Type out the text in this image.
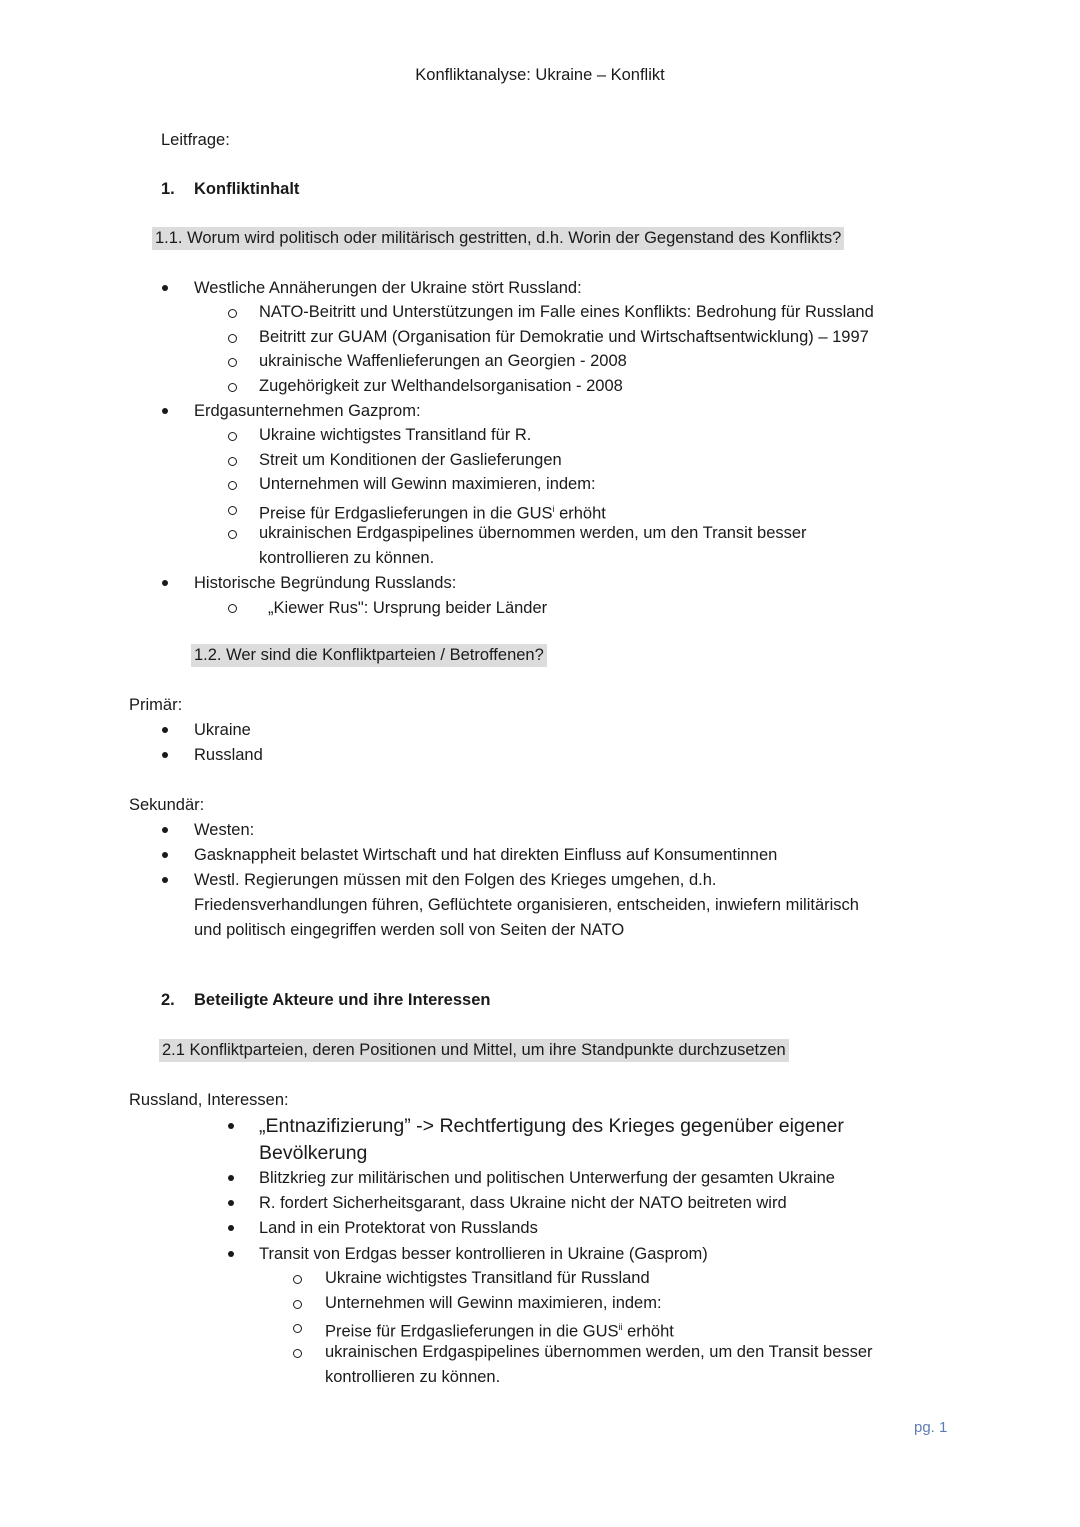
Konfliktanalyse: Ukraine – Konflikt
Leitfrage:
1. Konfliktinhalt
1.1. Worum wird politisch oder militärisch gestritten, d.h. Worin der Gegenstand des Konflikts?
Westliche Annäherungen der Ukraine stört Russland:
NATO-Beitritt und Unterstützungen im Falle eines Konflikts: Bedrohung für Russland
Beitritt zur GUAM (Organisation für Demokratie und Wirtschaftsentwicklung) – 1997
ukrainische Waffenlieferungen an Georgien - 2008
Zugehörigkeit zur Welthandelsorganisation - 2008
Erdgasunternehmen Gazprom:
Ukraine wichtigstes Transitland für R.
Streit um Konditionen der Gaslieferungen
Unternehmen will Gewinn maximieren, indem:
Preise für Erdgaslieferungen in die GUS$^i$ erhöht
ukrainischen Erdgaspipelines übernommen werden, um den Transit besser
kontrollieren zu können.
Historische Begründung Russlands:
„Kiewer Rus": Ursprung beider Länder
1.2. Wer sind die Konfliktparteien / Betroffenen?
Primär:
Ukraine
Russland
Sekundär:
Westen:
Gasknappheit belastet Wirtschaft und hat direkten Einfluss auf Konsumentinnen
Westl. Regierungen müssen mit den Folgen des Krieges umgehen, d.h.
Friedensverhandlungen führen, Geflüchtete organisieren, entscheiden, inwiefern militärisch
und politisch eingegriffen werden soll von Seiten der NATO
2. Beteiligte Akteure und ihre Interessen
2.1 Konfliktparteien, deren Positionen und Mittel, um ihre Standpunkte durchzusetzen
Russland, Interessen:
„Entnazifizierung” -> Rechtfertigung des Krieges gegenüber eigener
Bevölkerung
Blitzkrieg zur militärischen und politischen Unterwerfung der gesamten Ukraine
R. fordert Sicherheitsgarant, dass Ukraine nicht der NATO beitreten wird
Land in ein Protektorat von Russlands
Transit von Erdgas besser kontrollieren in Ukraine (Gasprom)
Ukraine wichtigstes Transitland für Russland
Unternehmen will Gewinn maximieren, indem:
Preise für Erdgaslieferungen in die GUS$^{ii}$ erhöht
ukrainischen Erdgaspipelines übernommen werden, um den Transit besser
kontrollieren zu können.
pg. 1
